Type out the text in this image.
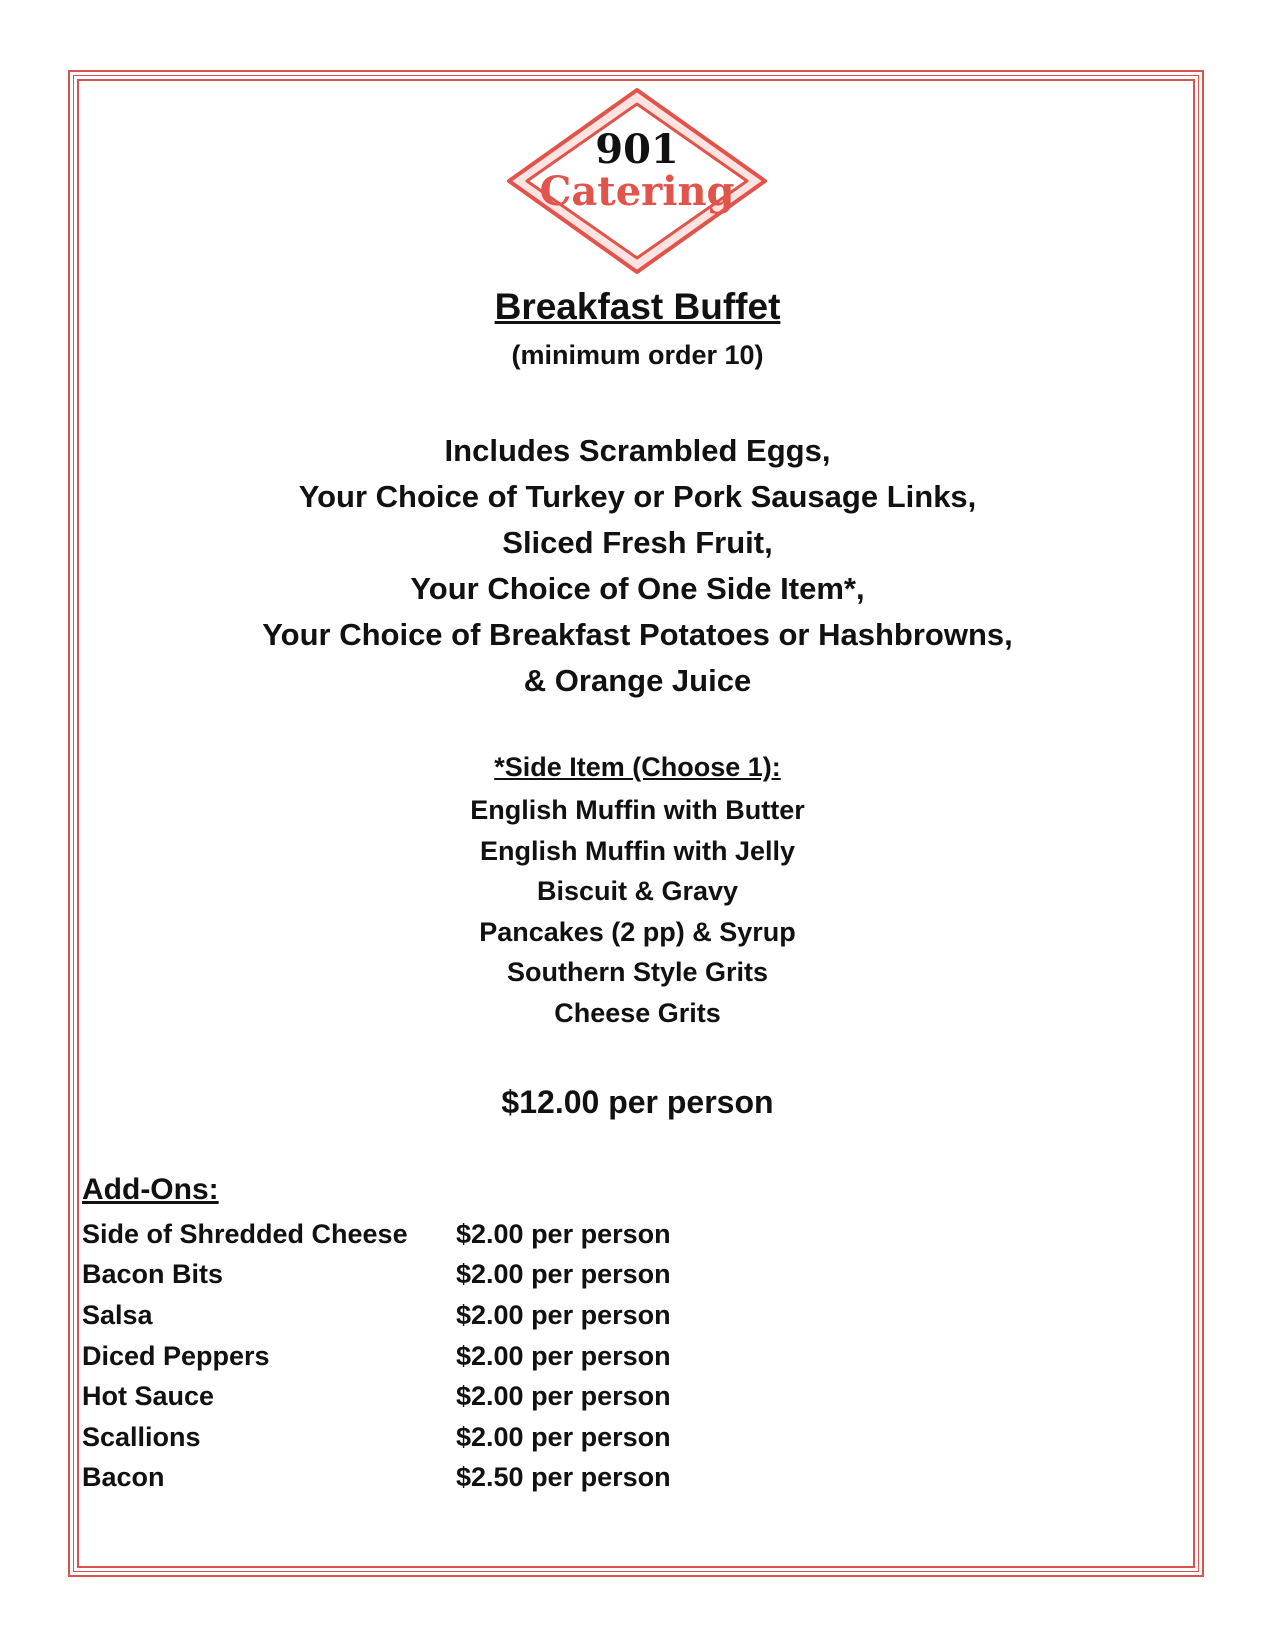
901
Catering
Breakfast Buffet
(minimum order 10)
Includes Scrambled Eggs,
Your Choice of Turkey or Pork Sausage Links,
Sliced Fresh Fruit,
Your Choice of One Side Item*,
Your Choice of Breakfast Potatoes or Hashbrowns,
& Orange Juice
*Side Item (Choose 1):
English Muffin with Butter
English Muffin with Jelly
Biscuit & Gravy
Pancakes (2 pp) & Syrup
Southern Style Grits
Cheese Grits
$12.00 per person
Add-Ons:
Side of Shredded Cheese	$2.00 per person
Bacon Bits	$2.00 per person
Salsa	$2.00 per person
Diced Peppers	$2.00 per person
Hot Sauce	$2.00 per person
Scallions	$2.00 per person
Bacon	$2.50 per person
